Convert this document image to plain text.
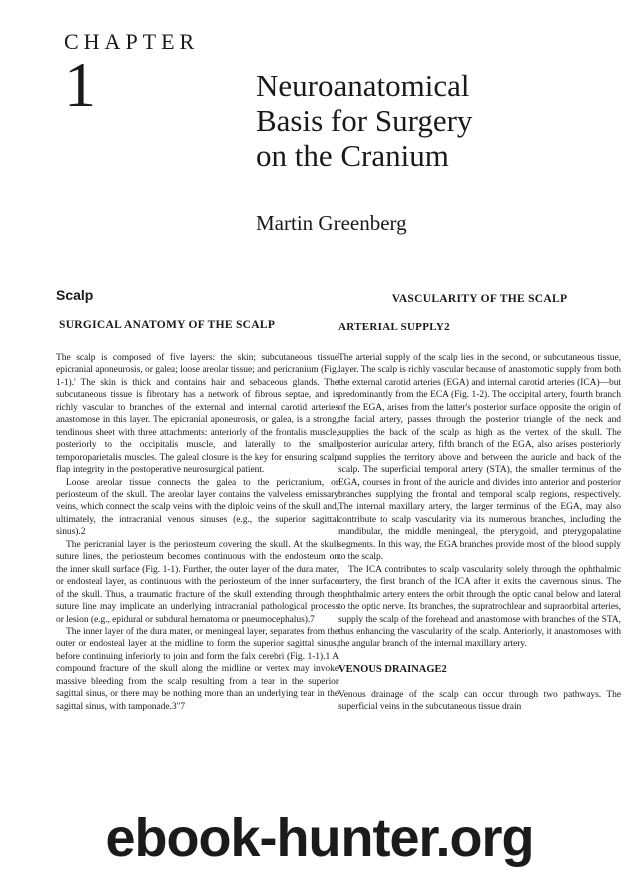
CHAPTER
1	Neuroanatomical
Basis for Surgery
on the Cranium
Martin Greenberg
Scalp
SURGICAL ANATOMY OF THE SCALP

The scalp is composed of five layers: the skin; subcutaneous tissue epicranial aponeurosis, or galea; loose areolar tissue; and pericranium (Fig. 1-1).' The skin is thick and contains hair and sebaceous glands. The subcutaneous tissue is fibrotary has a network of fibrous septae, and is richly vascular to branches of the external and internal carotid arteries anastomose in this layer. The epicranial aponeurosis, or galea, is a strong, tendinous sheet with three attachments: anteriorly of the frontalis muscle, posteriorly to the occipitalis muscle, and laterally to the small temporoparietalis muscles. The galeal closure is the key for ensuring scalp flap integrity in the postoperative neurosurgical patient.

Loose areolar tissue connects the galea to the pericranium, or periosteum of the skull. The areolar layer contains the valveless emissary veins, which connect the scalp veins with the diploic veins of the skull and, ultimately, the intracranial venous sinuses (e.g., the superior sagittal sinus).2

The pericranial layer is the periosteum covering the skull. At the skull suture lines, the periosteum becomes continuous with the endosteum on the inner skull surface (Fig. 1-1). Further, the outer layer of the dura mater, or endosteal layer, as continuous with the periosteum of the inner surface of the skull. Thus, a traumatic fracture of the skull extending through the suture line may implicate an underlying intracranial pathological process or lesion (e.g., epidural or subdural hematoma or pneumocephalus).7

The inner layer of the dura mater, or meningeal layer, separates from the outer or endosteal layer at the midline to form the superior sagittal sinus, before continuing inferiorly to join and form the falx cerebri (Fig. 1-1).1 A compound fracture of the skull along the midline or vertex may invoke massive bleeding from the scalp resulting from a tear in the superior sagittal sinus, or there may be nothing more than an underlying tear in the sagittal sinus, with tamponade.3"7

VASCULARITY OF THE SCALP
ARTERIAL SUPPLY2

The arterial supply of the scalp lies in the second, or subcutaneous tissue, layer. The scalp is richly vascular because of anastomotic supply from both the external carotid arteries (EGA) and internal carotid arteries (ICA)—but predominantly from the ECA (Fig. 1-2). The occipital artery, fourth branch of the EGA, arises from the latter's posterior surface opposite the origin of the facial artery, passes through the posterior triangle of the neck and supplies the back of the scalp as high as the vertex of the skull. The posterior auricular artery, fifth branch of the EGA, also arises posteriorly and supplies the territory above and between the auricle and back of the scalp. The superficial temporal artery (STA), the smaller terminus of the EGA, courses in front of the auricle and divides into anterior and posterior branches supplying the frontal and temporal scalp regions, respectively. The internal maxillary artery, the larger terminus of the EGA, may also contribute to scalp vascularity via its numerous branches, including the mandibular, the middle meningeal, the pterygoid, and pterygopalatine segments. In this way, the EGA branches provide most of the blood supply to the scalp.

The ICA contributes to scalp vascularity solely through the ophthalmic artery, the first branch of the ICA after it exits the cavernous sinus. The ophthalmic artery enters the orbit through the optic canal below and lateral to the optic nerve. Its branches, the supratrochlear and supraorbital arteries, supply the scalp of the forehead and anastomose with branches of the STA, thus enhancing the vascularity of the scalp. Anteriorly, it anastomoses with the angular branch of the internal maxillary artery.

VENOUS DRAINAGE2

Venous drainage of the scalp can occur through two pathways. The superficial veins in the subcutaneous tissue drain

ebook-hunter.org
